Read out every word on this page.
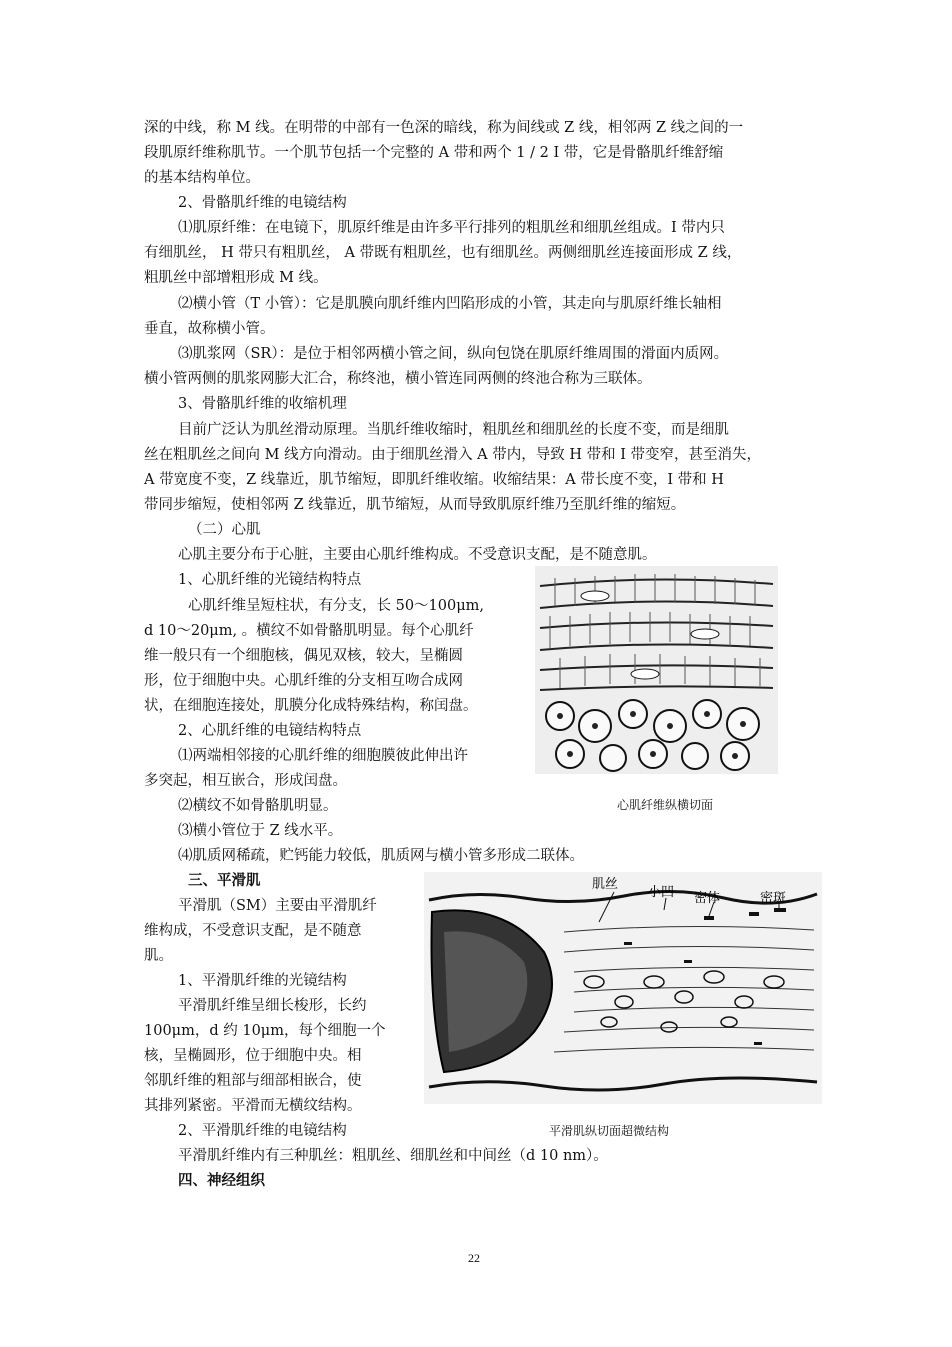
深的中线，称 M 线。在明带的中部有一色深的暗线，称为间线或 Z 线，相邻两 Z 线之间的一
段肌原纤维称肌节。一个肌节包括一个完整的 A 带和两个 1 / 2 I 带，它是骨骼肌纤维舒缩
的基本结构单位。
2、骨骼肌纤维的电镜结构
⑴肌原纤维：在电镜下，肌原纤维是由许多平行排列的粗肌丝和细肌丝组成。I 带内只
有细肌丝， H 带只有粗肌丝， A 带既有粗肌丝，也有细肌丝。两侧细肌丝连接面形成 Z 线，
粗肌丝中部增粗形成 M 线。
⑵横小管（T 小管）：它是肌膜向肌纤维内凹陷形成的小管，其走向与肌原纤维长轴相
垂直，故称横小管。
⑶肌浆网（SR）：是位于相邻两横小管之间，纵向包饶在肌原纤维周围的滑面内质网。
横小管两侧的肌浆网膨大汇合，称终池，横小管连同两侧的终池合称为三联体。
3、骨骼肌纤维的收缩机理
目前广泛认为肌丝滑动原理。当肌纤维收缩时，粗肌丝和细肌丝的长度不变，而是细肌
丝在粗肌丝之间向 M 线方向滑动。由于细肌丝滑入 A 带内，导致 H 带和 I 带变窄，甚至消失，
A 带宽度不变，Z 线靠近，肌节缩短，即肌纤维收缩。收缩结果：A 带长度不变，I 带和 H
带同步缩短，使相邻两 Z 线靠近，肌节缩短，从而导致肌原纤维乃至肌纤维的缩短。
（二）心肌
心肌主要分布于心脏，主要由心肌纤维构成。不受意识支配，是不随意肌。
1、心肌纤维的光镜结构特点
心肌纤维呈短柱状，有分支，长 50～100μm,
d 10～20μm, 。横纹不如骨骼肌明显。每个心肌纤
维一般只有一个细胞核，偶见双核，较大，呈椭圆
形，位于细胞中央。心肌纤维的分支相互吻合成网
状，在细胞连接处，肌膜分化成特殊结构，称闰盘。
2、心肌纤维的电镜结构特点
⑴两端相邻接的心肌纤维的细胞膜彼此伸出许
多突起，相互嵌合，形成闰盘。
⑵横纹不如骨骼肌明显。
⑶横小管位于 Z 线水平。
⑷肌质网稀疏，贮钙能力较低，肌质网与横小管多形成二联体。
三、平滑肌
平滑肌（SM）主要由平滑肌纤
维构成，不受意识支配，是不随意
肌。
1、平滑肌纤维的光镜结构
平滑肌纤维呈细长梭形，长约
100μm，d 约 10μm，每个细胞一个
核，呈椭圆形，位于细胞中央。相
邻肌纤维的粗部与细部相嵌合，使
其排列紧密。平滑而无横纹结构。
2、平滑肌纤维的电镜结构
平滑肌纤维内有三种肌丝：粗肌丝、细肌丝和中间丝（d 10 nm）。
四、神经组织
心肌纤维纵横切面
肌丝
小凹 密体	密斑
平滑肌纵切面超微结构
22
